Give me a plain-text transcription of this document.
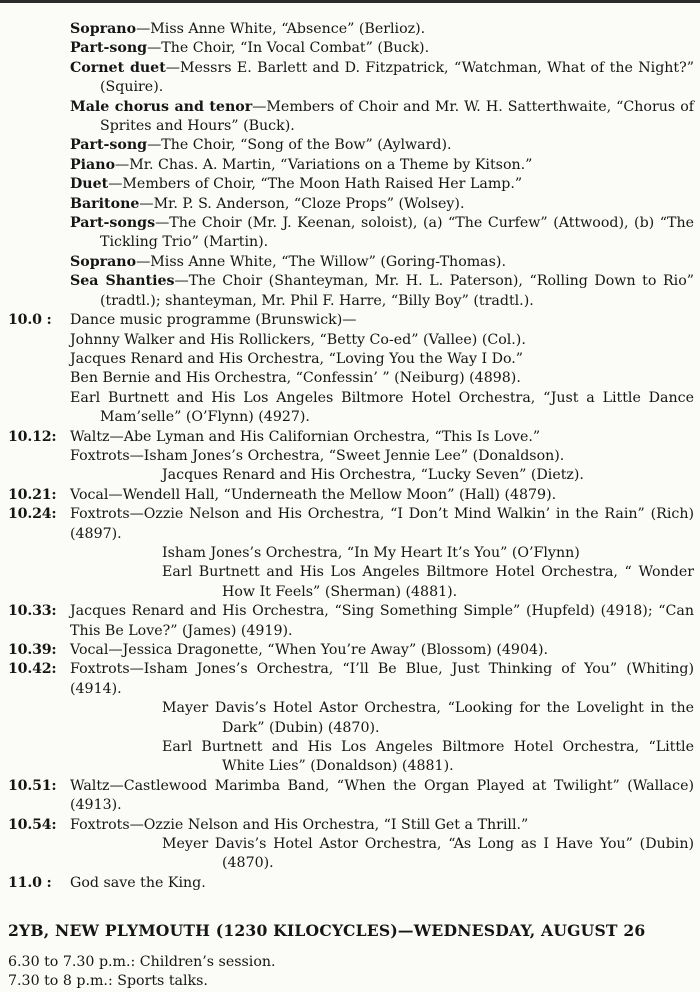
Soprano—Miss Anne White, “Absence” (Berlioz).
Part-song—The Choir, “In Vocal Combat” (Buck).
Cornet duet—Messrs E. Barlett and D. Fitzpatrick, “Watchman, What of the Night?” (Squire).
Male chorus and tenor—Members of Choir and Mr. W. H. Satterthwaite, “Chorus of Sprites and Hours” (Buck).
Part-song—The Choir, “Song of the Bow” (Aylward).
Piano—Mr. Chas. A. Martin, “Variations on a Theme by Kitson.”
Duet—Members of Choir, “The Moon Hath Raised Her Lamp.”
Baritone—Mr. P. S. Anderson, “Cloze Props” (Wolsey).
Part-songs—The Choir (Mr. J. Keenan, soloist), (a) “The Curfew” (Attwood), (b) “The Tickling Trio” (Martin).
Soprano—Miss Anne White, “The Willow” (Goring-Thomas).
Sea Shanties—The Choir (Shanteyman, Mr. H. L. Paterson), “Rolling Down to Rio” (tradtl.); shanteyman, Mr. Phil F. Harre, “Billy Boy” (tradtl.).
10.0 :	Dance music programme (Brunswick)—
Johnny Walker and His Rollickers, “Betty Co-ed” (Vallee) (Col.).
Jacques Renard and His Orchestra, “Loving You the Way I Do.”
Ben Bernie and His Orchestra, “Confessin’ ” (Neiburg) (4898).
Earl Burtnett and His Los Angeles Biltmore Hotel Orchestra, “Just a Little Dance Mam’selle” (O’Flynn) (4927).
10.12: Waltz—Abe Lyman and His Californian Orchestra, “This Is Love.”
Foxtrots—Isham Jones’s Orchestra, “Sweet Jennie Lee” (Donaldson).
Jacques Renard and His Orchestra, “Lucky Seven” (Dietz).
10.21: Vocal—Wendell Hall, “Underneath the Mellow Moon” (Hall) (4879).
10.24: Foxtrots—Ozzie Nelson and His Orchestra, “I Don’t Mind Walkin’ in the Rain” (Rich) (4897).
Isham Jones’s Orchestra, “In My Heart It’s You” (O’Flynn)
Earl Burtnett and His Los Angeles Biltmore Hotel Orchestra, “ Wonder How It Feels” (Sherman) (4881).
10.33: Jacques Renard and His Orchestra, “Sing Something Simple” (Hupfeld) (4918); “Can This Be Love?” (James) (4919).
10.39: Vocal—Jessica Dragonette, “When You’re Away” (Blossom) (4904).
10.42: Foxtrots—Isham Jones’s Orchestra, “I’ll Be Blue, Just Thinking of You” (Whiting) (4914).
Mayer Davis’s Hotel Astor Orchestra, “Looking for the Lovelight in the Dark” (Dubin) (4870).
Earl Burtnett and His Los Angeles Biltmore Hotel Orchestra, “Little White Lies” (Donaldson) (4881).
10.51: Waltz—Castlewood Marimba Band, “When the Organ Played at Twilight” (Wallace) (4913).
10.54: Foxtrots—Ozzie Nelson and His Orchestra, “I Still Get a Thrill.”
Meyer Davis’s Hotel Astor Orchestra, “As Long as I Have You” (Dubin) (4870).
11.0 :	God save the King.
2YB, NEW PLYMOUTH (1230 KILOCYCLES)—WEDNESDAY, AUGUST 26
6.30 to 7.30 p.m.: Children’s session.
7.30 to 8 p.m.: Sports talks.
